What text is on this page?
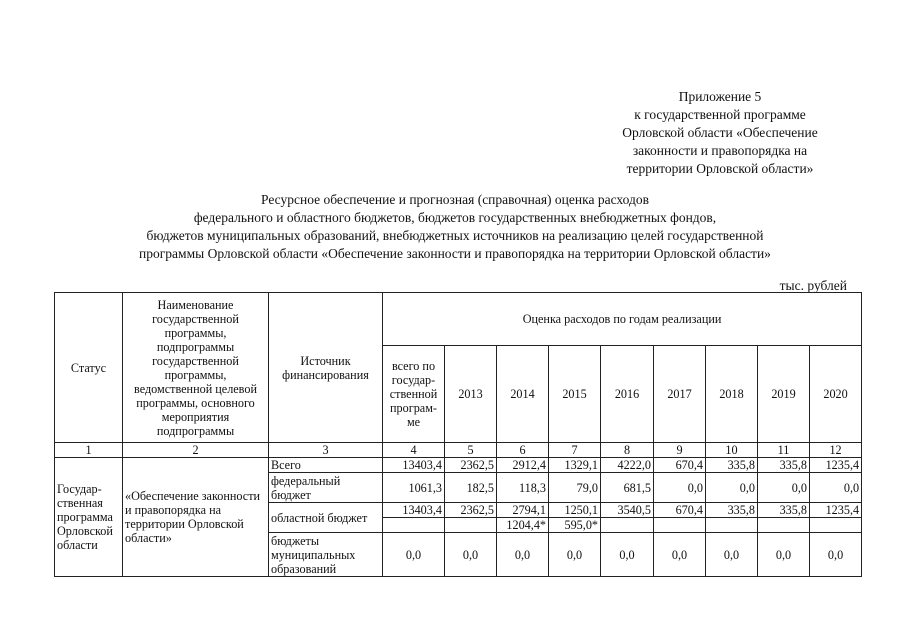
Приложение 5
к государственной программе
Орловской области «Обеспечение
законности и правопорядка на
территории Орловской области»
Ресурсное обеспечение и прогнозная (справочная) оценка расходов
федерального и областного бюджетов, бюджетов государственных внебюджетных фондов,
бюджетов муниципальных образований, внебюджетных источников на реализацию целей государственной
программы Орловской области «Обеспечение законности и правопорядка на территории Орловской области»
тыс. рублей
Статус	Наименование государственной программы, подпрограммы государственной программы, ведомственной целевой программы, основного мероприятия подпрограммы	Источник финансирования	Оценка расходов по годам реализации								
			всего по государ-ственной програм-ме	2013	2014	2015	2016	2017	2018	2019	2020
1	2	3	4	5	6	7	8	9	10	11	12
Государ-ственная программа Орловской области	«Обеспечение законности и правопорядка на территории Орловской области»	Всего	13403,4	2362,5	2912,4	1329,1	4222,0	670,4	335,8	335,8	1235,4
		федеральный бюджет	1061,3	182,5	118,3	79,0	681,5	0,0	0,0	0,0	0,0
		областной бюджет	13403,4	2362,5	2794,1	1250,1	3540,5	670,4	335,8	335,8	1235,4
					1204,4*	595,0*					
		бюджеты муниципальных образований	0,0	0,0	0,0	0,0	0,0	0,0	0,0	0,0	0,0
